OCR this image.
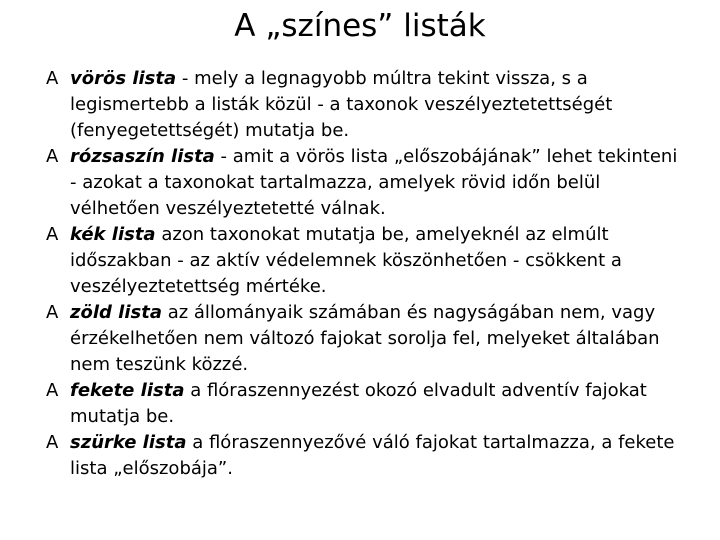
A „színes” listák
A vörös lista - mely a legnagyobb múltra tekint vissza, s a legismertebb a listák közül - a taxonok veszélyeztetettségét (fenyegetettségét) mutatja be.
A rózsaszín lista - amit a vörös lista „előszobájának” lehet tekinteni - azokat a taxonokat tartalmazza, amelyek rövid időn belül vélhetően veszélyeztetetté válnak.
A kék lista azon taxonokat mutatja be, amelyeknél az elmúlt időszakban - az aktív védelemnek köszönhetően - csökkent a veszélyeztetettség mértéke.
A zöld lista az állományaik számában és nagyságában nem, vagy érzékelhetően nem változó fajokat sorolja fel, melyeket általában nem teszünk közzé.
A fekete lista a flóraszennyezést okozó elvadult adventív fajokat mutatja be.
A szürke lista a flóraszennyezővé váló fajokat tartalmazza, a fekete lista „előszobája”.
